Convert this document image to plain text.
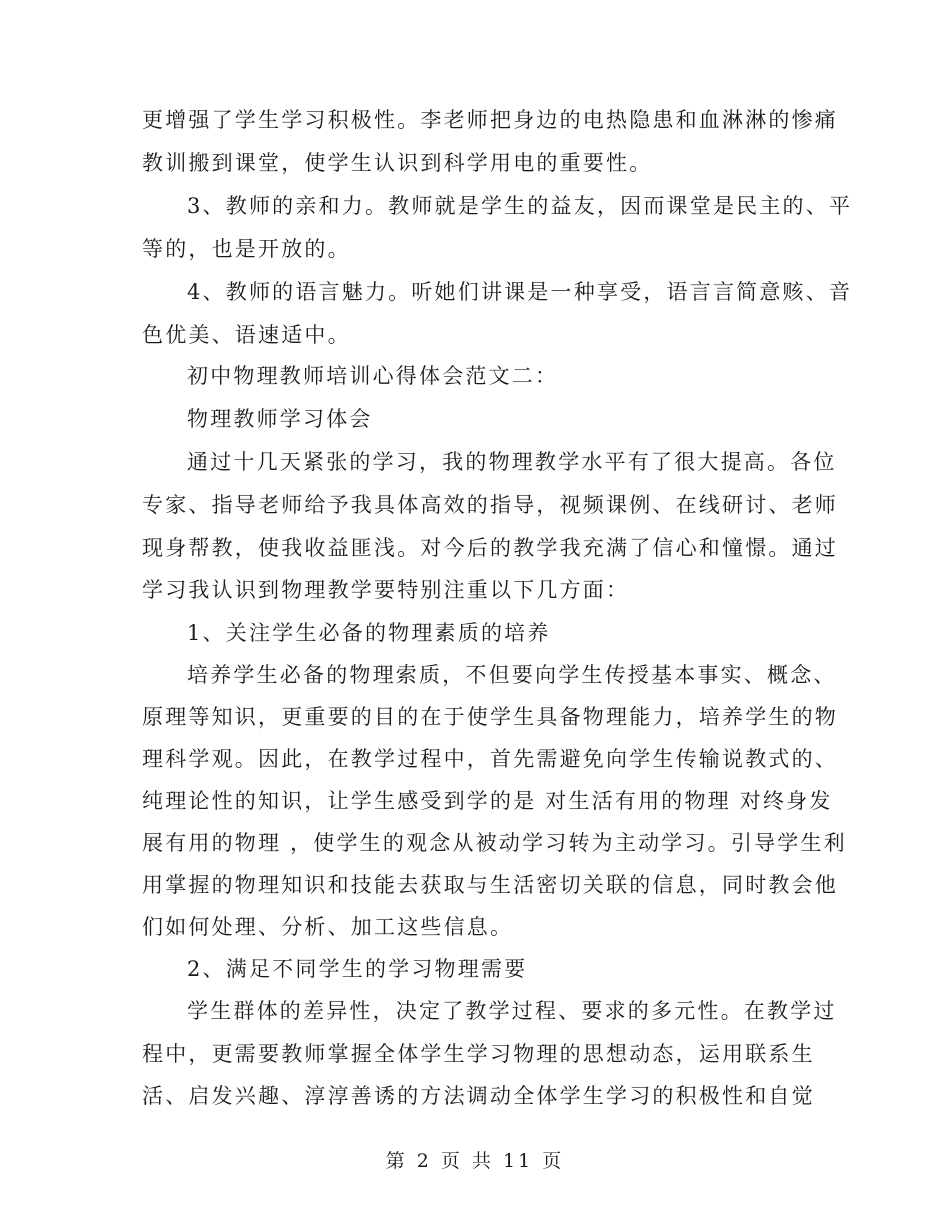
更增强了学生学习积极性。李老师把身边的电热隐患和血淋淋的惨痛
教训搬到课堂，使学生认识到科学用电的重要性。
3、教师的亲和力。教师就是学生的益友，因而课堂是民主的、平
等的，也是开放的。
4、教师的语言魅力。听她们讲课是一种享受，语言言简意赅、音
色优美、语速适中。
初中物理教师培训心得体会范文二：
物理教师学习体会
通过十几天紧张的学习，我的物理教学水平有了很大提高。各位
专家、指导老师给予我具体高效的指导，视频课例、在线研讨、老师
现身帮教，使我收益匪浅。对今后的教学我充满了信心和憧憬。通过
学习我认识到物理教学要特别注重以下几方面：
1、关注学生必备的物理素质的培养
培养学生必备的物理索质，不但要向学生传授基本事实、概念、
原理等知识，更重要的目的在于使学生具备物理能力，培养学生的物
理科学观。因此，在教学过程中，首先需避免向学生传输说教式的、
纯理论性的知识，让学生感受到学的是 对生活有用的物理 对终身发
展有用的物理 ，使学生的观念从被动学习转为主动学习。引导学生利
用掌握的物理知识和技能去获取与生活密切关联的信息，同时教会他
们如何处理、分析、加工这些信息。
2、满足不同学生的学习物理需要
学生群体的差异性，决定了教学过程、要求的多元性。在教学过
程中，更需要教师掌握全体学生学习物理的思想动态，运用联系生
活、启发兴趣、淳淳善诱的方法调动全体学生学习的积极性和自觉
第 2 页 共 11 页
